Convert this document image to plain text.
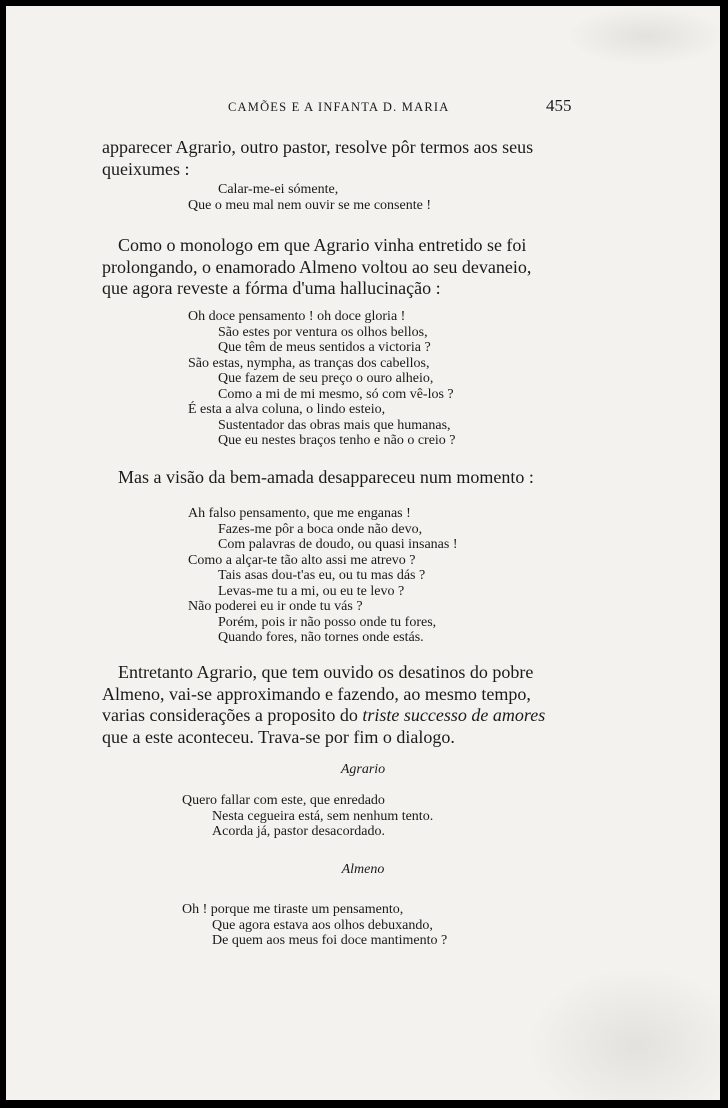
CAMÕES E A INFANTA D. MARIA	455

apparecer Agrario, outro pastor, resolve pôr termos aos seus
queixumes :

Calar-me-ei sómente,
Que o meu mal nem ouvir se me consente !

Como o monologo em que Agrario vinha entretido se foi
prolongando, o enamorado Almeno voltou ao seu devaneio,
que agora reveste a fórma d'uma hallucinação :

Oh doce pensamento ! oh doce gloria !
São estes por ventura os olhos bellos,
Que têm de meus sentidos a victoria ?
São estas, nympha, as tranças dos cabellos,
Que fazem de seu preço o ouro alheio,
Como a mi de mi mesmo, só com vê-los ?
É esta a alva coluna, o lindo esteio,
Sustentador das obras mais que humanas,
Que eu nestes braços tenho e não o creio ?

Mas a visão da bem-amada desappareceu num momento :

Ah falso pensamento, que me enganas !
Fazes-me pôr a boca onde não devo,
Com palavras de doudo, ou quasi insanas !
Como a alçar-te tão alto assi me atrevo ?
Tais asas dou-t'as eu, ou tu mas dás ?
Levas-me tu a mi, ou eu te levo ?
Não poderei eu ir onde tu vás ?
Porém, pois ir não posso onde tu fores,
Quando fores, não tornes onde estás.

Entretanto Agrario, que tem ouvido os desatinos do pobre
Almeno, vai-se approximando e fazendo, ao mesmo tempo,
varias considerações a proposito do triste successo de amores
que a este aconteceu. Trava-se por fim o dialogo.

Agrario

Quero fallar com este, que enredado
Nesta cegueira está, sem nenhum tento.
Acorda já, pastor desacordado.

Almeno

Oh ! porque me tiraste um pensamento,
Que agora estava aos olhos debuxando,
De quem aos meus foi doce mantimento ?
